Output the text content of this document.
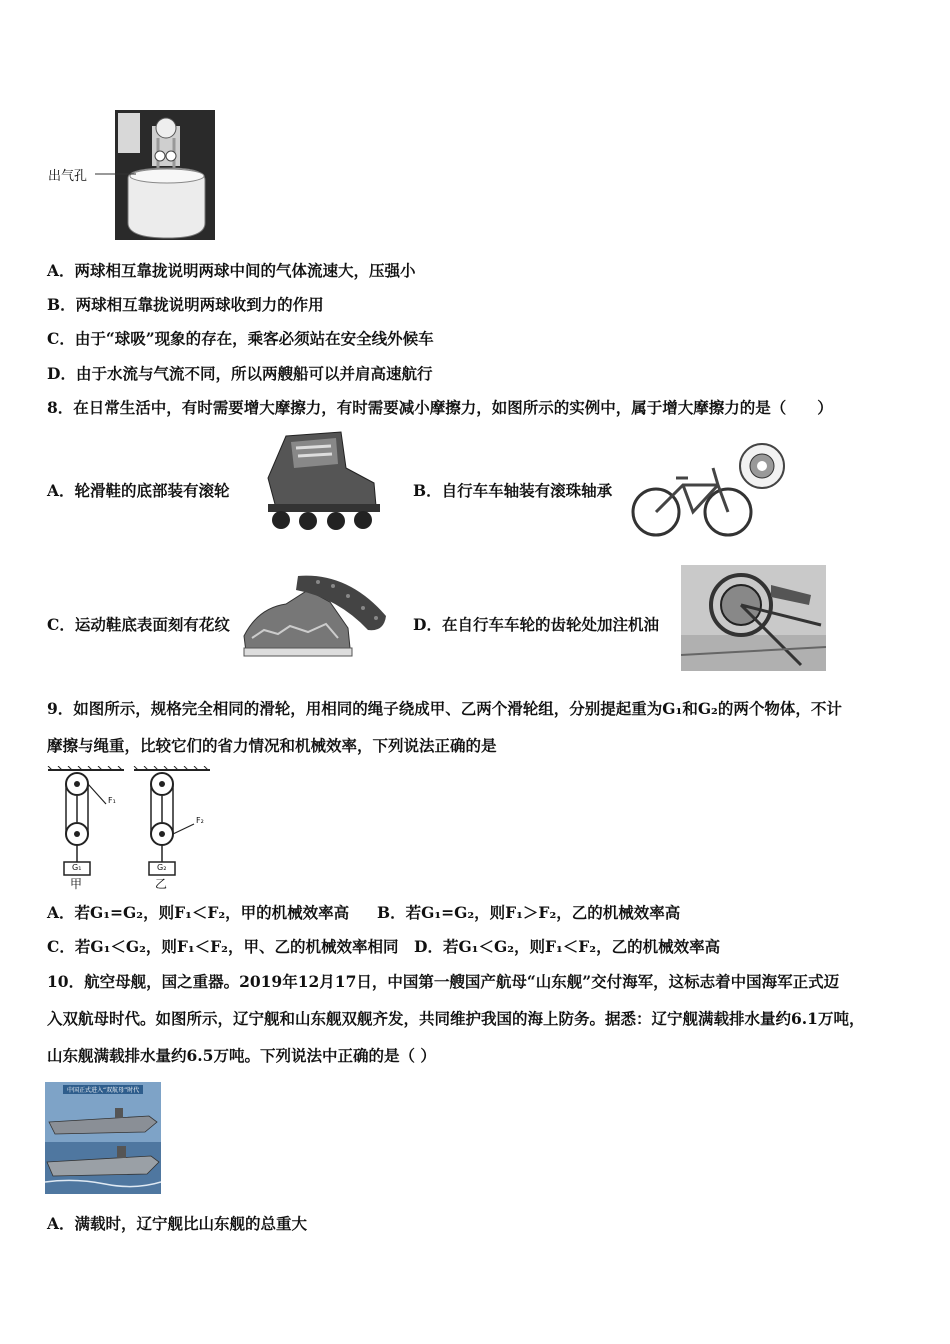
出气孔
A．两球相互靠拢说明两球中间的气体流速大，压强小
B．两球相互靠拢说明两球收到力的作用
C．由于“球吸”现象的存在，乘客必须站在安全线外候车
D．由于水流与气流不同，所以两艘船可以并肩高速航行
8．在日常生活中，有时需要增大摩擦力，有时需要减小摩擦力，如图所示的实例中，属于增大摩擦力的是（　　）
A．轮滑鞋的底部装有滚轮	B．自行车车轴装有滚珠轴承
C．运动鞋底表面刻有花纹	D．在自行车车轮的齿轮处加注机油
9．如图所示，规格完全相同的滑轮，用相同的绳子绕成甲、乙两个滑轮组，分别提起重为G₁和G₂的两个物体，不计
摩擦与绳重，比较它们的省力情况和机械效率，下列说法正确的是
F₁
F₂
G₁	G₂
甲	乙
A．若G₁=G₂，则F₁＜F₂，甲的机械效率高 B．若G₁=G₂，则F₁＞F₂，乙的机械效率高
C．若G₁＜G₂，则F₁＜F₂，甲、乙的机械效率相同 D．若G₁＜G₂，则F₁＜F₂，乙的机械效率高
10．航空母舰，国之重器。2019年12月17日，中国第一艘国产航母“山东舰”交付海军，这标志着中国海军正式迈
入双航母时代。如图所示，辽宁舰和山东舰双舰齐发，共同维护我国的海上防务。据悉：辽宁舰满载排水量约6.1万吨，
山东舰满载排水量约6.5万吨。下列说法中正确的是（ ）
中国正式进入“双航母”时代
A．满载时，辽宁舰比山东舰的总重大
